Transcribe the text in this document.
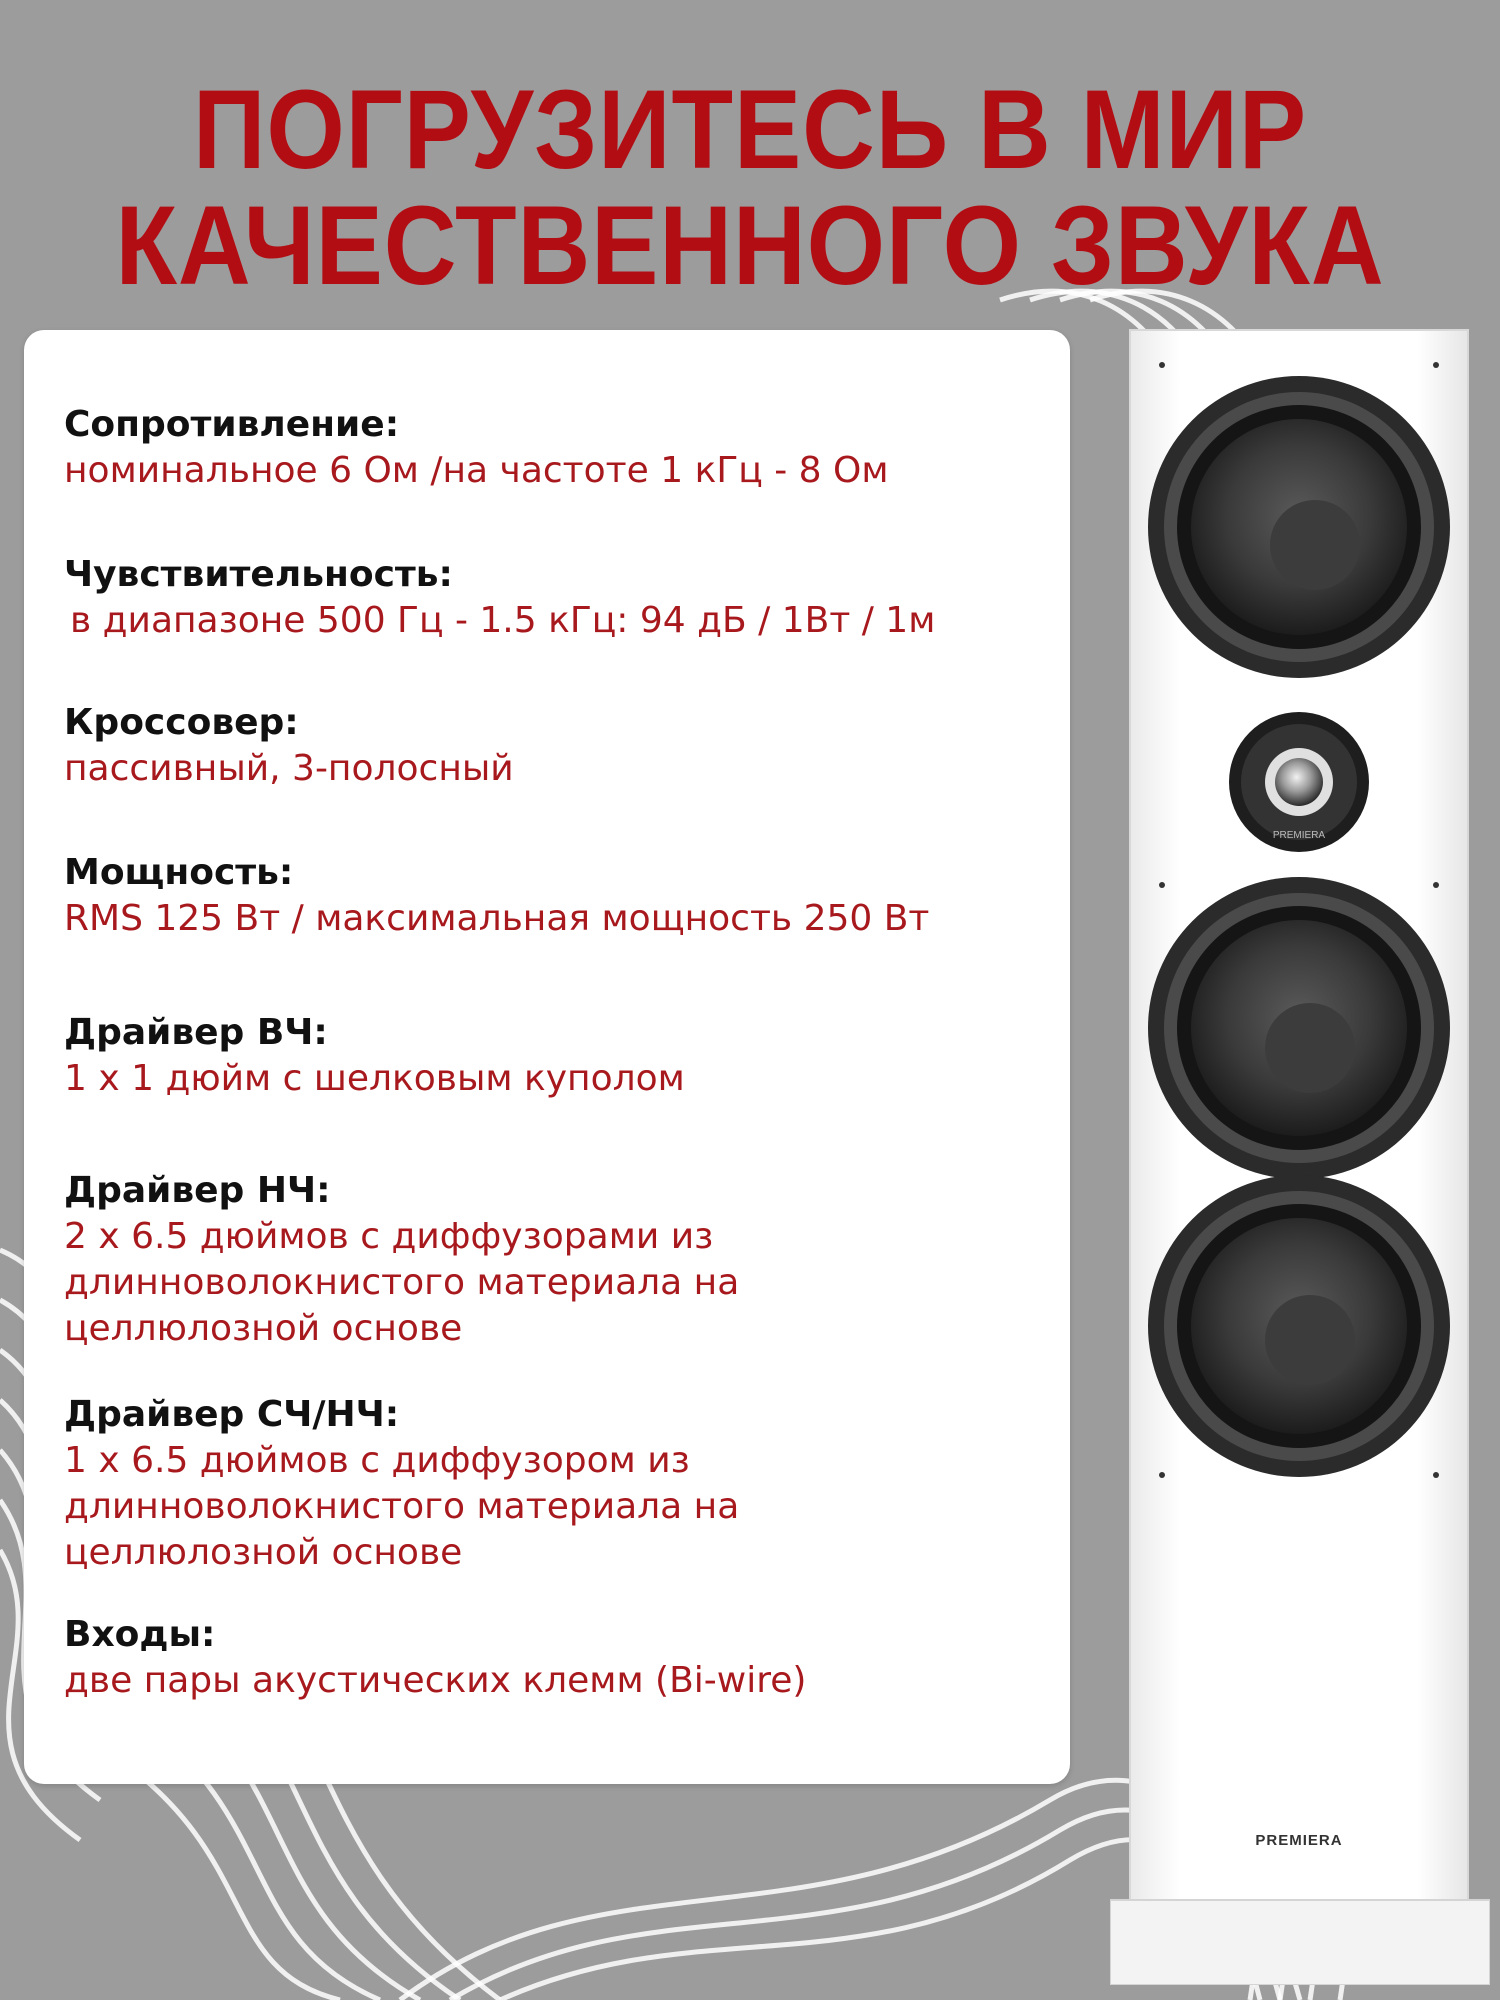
ПОГРУЗИТЕСЬ В МИР
КАЧЕСТВЕННОГО ЗВУКА
Сопротивление:
номинальное 6 Ом /на частоте 1 кГц - 8 Ом
Чувствительность:
в диапазоне 500 Гц - 1.5 кГц: 94 дБ / 1Вт / 1м
Кроссовер:
пассивный, 3-полосный
Мощность:
RMS 125 Вт / максимальная мощность 250 Вт
Драйвер ВЧ:
1 х 1 дюйм с шелковым куполом
Драйвер НЧ:
2 х 6.5 дюймов с диффузорами из
длинноволокнистого материала на
целлюлозной основе
Драйвер СЧ/НЧ:
1 х 6.5 дюймов с диффузором из
длинноволокнистого материала на
целлюлозной основе
Входы:
две пары акустических клемм (Bi-wire)
PREMIERA
PREMIERA
